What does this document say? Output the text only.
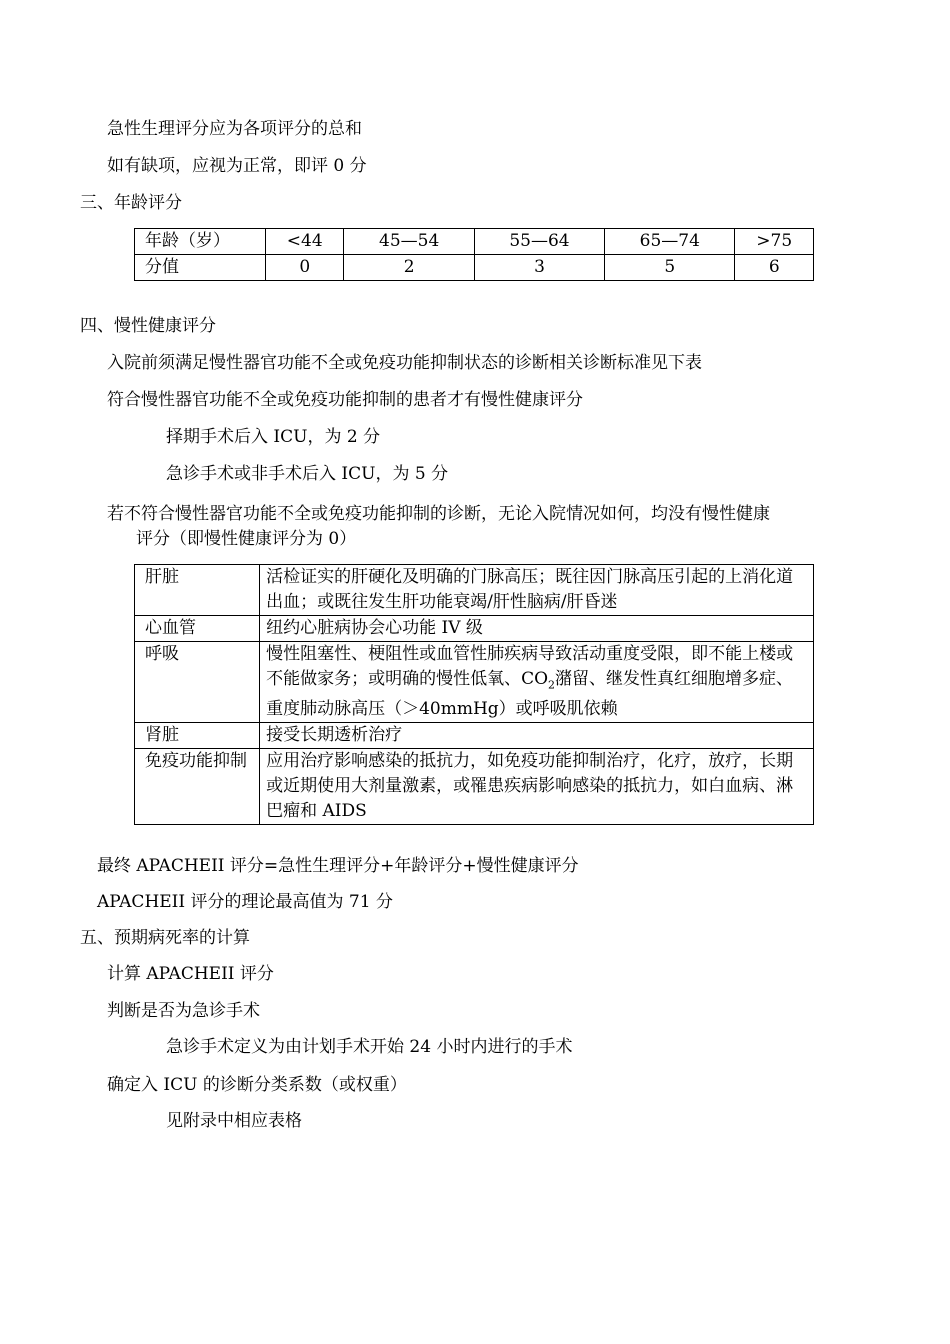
急性生理评分应为各项评分的总和
如有缺项，应视为正常，即评 0 分
三、年龄评分
年龄（岁）	<44	45—54	55—64	65—74	>75
分值	0	2	3	5	6
四、慢性健康评分
入院前须满足慢性器官功能不全或免疫功能抑制状态的诊断相关诊断标准见下表
符合慢性器官功能不全或免疫功能抑制的患者才有慢性健康评分
择期手术后入 ICU，为 2 分
急诊手术或非手术后入 ICU，为 5 分
若不符合慢性器官功能不全或免疫功能抑制的诊断，无论入院情况如何，均没有慢性健康
评分（即慢性健康评分为 0）
肝脏	活检证实的肝硬化及明确的门脉高压；既往因门脉高压引起的上消化道出血；或既往发生肝功能衰竭/肝性脑病/肝昏迷
心血管	纽约心脏病协会心功能 IV 级
呼吸	慢性阻塞性、梗阻性或血管性肺疾病导致活动重度受限，即不能上楼或不能做家务；或明确的慢性低氧、$CO_2$潴留、继发性真红细胞增多症、重度肺动脉高压（＞40mmHg）或呼吸肌依赖
肾脏	接受长期透析治疗
免疫功能抑制	应用治疗影响感染的抵抗力，如免疫功能抑制治疗，化疗，放疗，长期或近期使用大剂量激素，或罹患疾病影响感染的抵抗力，如白血病、淋巴瘤和 AIDS
最终 APACHEII 评分=急性生理评分+年龄评分+慢性健康评分
APACHEII 评分的理论最高值为 71 分
五、预期病死率的计算
计算 APACHEII 评分
判断是否为急诊手术
急诊手术定义为由计划手术开始 24 小时内进行的手术
确定入 ICU 的诊断分类系数（或权重）
见附录中相应表格
